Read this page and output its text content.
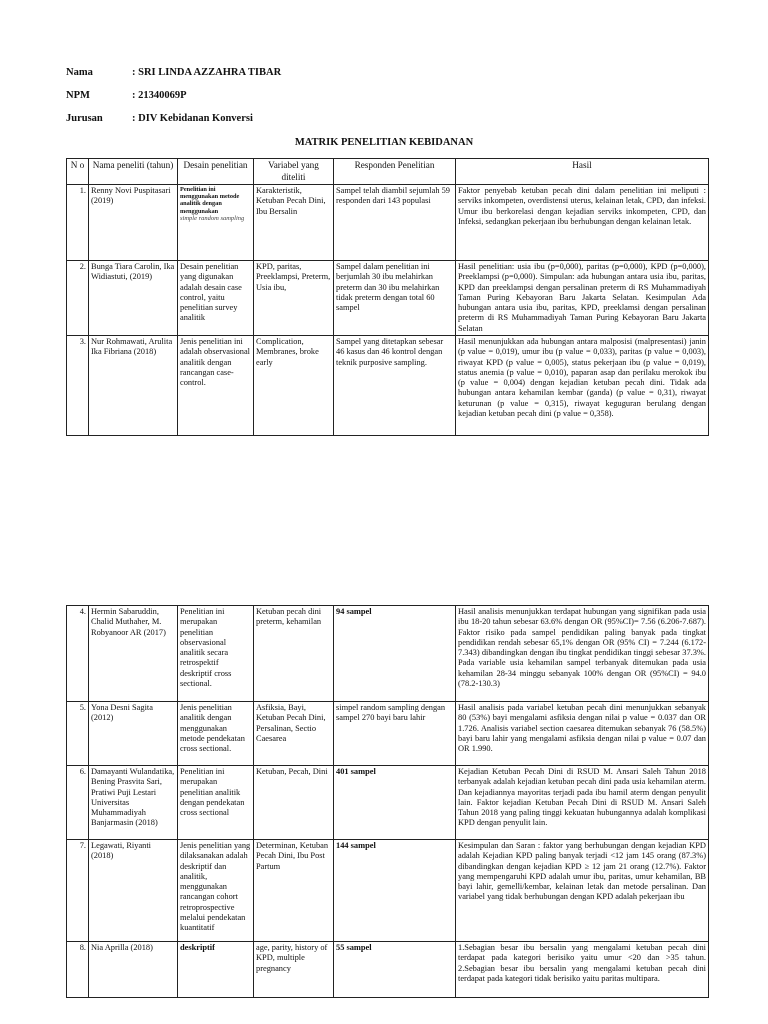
Nama	: SRI LINDA AZZAHRA TIBAR
NPM	: 21340069P
Jurusan	: DIV Kebidanan Konversi
MATRIK PENELITIAN KEBIDANAN
N o	Nama peneliti (tahun)	Desain penelitian	Variabel yang diteliti	Responden Penelitian	Hasil
1.	Renny Novi Puspitasari (2019)	Penelitian ini menggunakan metode analitik dengan menggunakan
simple random sampling	Karakteristik, Ketuban Pecah Dini, Ibu Bersalin	Sampel telah diambil sejumlah 59 responden dari 143 populasi	Faktor penyebab ketuban pecah dini dalam penelitian ini meliputi : serviks inkompeten, overdistensi uterus, kelainan letak, CPD, dan infeksi. Umur ibu berkorelasi dengan kejadian serviks inkompeten, CPD, dan Infeksi, sedangkan pekerjaan ibu berhubungan dengan kelainan letak.
2.	Bunga Tiara Carolin, Ika Widiastuti, (2019)	Desain penelitian yang digunakan adalah desain case control, yaitu penelitian survey analitik	KPD, paritas, Preeklampsi, Preterm, Usia ibu,	Sampel dalam penelitian ini berjumlah 30 ibu melahirkan preterm dan 30 ibu melahirkan tidak preterm dengan total 60 sampel	Hasil penelitian: usia ibu (p=0,000), paritas (p=0,000), KPD (p=0,000), Preeklampsi (p=0,000). Simpulan: ada hubungan antara usia ibu, paritas, KPD dan preeklampsi dengan persalinan preterm di RS Muhammadiyah Taman Puring Kebayoran Baru Jakarta Selatan. Kesimpulan Ada hubungan antara usia ibu, paritas, KPD, preeklamsi dengan persalinan preterm di RS Muhammadiyah Taman Puring Kebayoran Baru Jakarta Selatan
3.	Nur Rohmawati, Arulita Ika Fibriana (2018)	Jenis penelitian ini adalah observasional analitik dengan rancangan case-control.	Complication, Membranes, broke early	Sampel yang ditetapkan sebesar 46 kasus dan 46 kontrol dengan teknik purposive sampling.	Hasil menunjukkan ada hubungan antara malposisi (malpresentasi) janin (p value = 0,019), umur ibu (p value = 0,033), paritas (p value = 0,003), riwayat KPD (p value = 0,005), status pekerjaan ibu (p value = 0,019), status anemia (p value = 0,010), paparan asap dan perilaku merokok ibu (p value = 0,004) dengan kejadian ketuban pecah dini. Tidak ada hubungan antara kehamilan kembar (ganda) (p value = 0,31), riwayat keturunan (p value = 0,315), riwayat keguguran berulang dengan kejadian ketuban pecah dini (p value = 0,358).
4.	Hermin Sabaruddin, Chalid Muthaher, M. Robyanoor AR (2017)	Penelitian ini merupakan penelitian observasional analitik secara retrospektif deskriptif cross sectional.	Ketuban pecah dini preterm, kehamilan	94 sampel	Hasil analisis menunjukkan terdapat hubungan yang signifikan pada usia ibu 18-20 tahun sebesar 63.6% dengan OR (95%CI)= 7.56 (6.206-7.687). Faktor risiko pada sampel pendidikan paling banyak pada tingkat pendidikan rendah sebesar 65,1% dengan OR (95% CI) = 7.244 (6.172-7.343) dibandingkan dengan ibu tingkat pendidikan tinggi sebesar 37.3%. Pada variable usia kehamilan sampel terbanyak ditemukan pada usia kehamilan 28-34 minggu sebanyak 100% dengan OR (95%CI) = 94.0 (78.2-130.3)
5.	Yona Desni Sagita (2012)	Jenis penelitian analitik dengan menggunakan metode pendekatan cross sectional.	Asfiksia, Bayi, Ketuban Pecah Dini, Persalinan, Sectio Caesarea	simpel random sampling dengan sampel 270 bayi baru lahir	Hasil analisis pada variabel ketuban pecah dini menunjukkan sebanyak 80 (53%) bayi mengalami asfiksia dengan nilai p value = 0.037 dan OR 1.726. Analisis variabel section caesarea ditemukan sebanyak 76 (58.5%) bayi baru lahir yang mengalami asfiksia dengan nilai p value = 0.07 dan OR 1.990.
6.	Damayanti Wulandatika, Bening Prasvita Sari, Pratiwi Puji Lestari Universitas Muhammadiyah Banjarmasin (2018)	Penelitian ini merupakan penelitian analitik dengan pendekatan cross sectional	Ketuban, Pecah, Dini	401 sampel	Kejadian Ketuban Pecah Dini di RSUD M. Ansari Saleh Tahun 2018 terbanyak adalah kejadian ketuban pecah dini pada usia kehamilan aterm. Dan kejadiannya mayoritas terjadi pada ibu hamil aterm dengan penyulit lain. Faktor kejadian Ketuban Pecah Dini di RSUD M. Ansari Saleh Tahun 2018 yang paling tinggi kekuatan hubungannya adalah komplikasi KPD dengan penyulit lain.
7.	Legawati, Riyanti (2018)	Jenis penelitian yang dilaksanakan adalah deskriptif dan analitik, menggunakan rancangan cohort retroprospective melalui pendekatan kuantitatif	Determinan, Ketuban Pecah Dini, Ibu Post Partum	144 sampel	Kesimpulan dan Saran : faktor yang berhubungan dengan kejadian KPD adalah Kejadian KPD paling banyak terjadi <12 jam 145 orang (87.3%) dibandingkan dengan kejadian KPD ≥ 12 jam 21 orang (12.7%). Faktor yang mempengaruhi KPD adalah umur ibu, paritas, umur kehamilan, BB bayi lahir, gemelli/kembar, kelainan letak dan metode persalinan. Dan variabel yang tidak berhubungan dengan KPD adalah pekerjaan ibu
8.	Nia Aprilla (2018)	deskriptif	age, parity, history of KPD, multiple pregnancy	55 sampel	1.Sebagian besar ibu bersalin yang mengalami ketuban pecah dini terdapat pada kategori berisiko yaitu umur <20 dan >35 tahun. 2.Sebagian besar ibu bersalin yang mengalami ketuban pecah dini terdapat pada kategori tidak berisiko yaitu paritas multipara.
